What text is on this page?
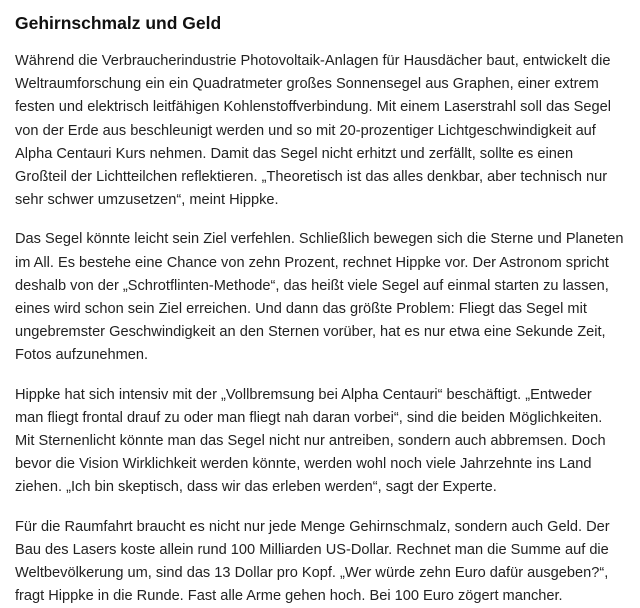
Gehirnschmalz und Geld

Während die Verbraucherindustrie Photovoltaik-Anlagen für Hausdächer baut, entwickelt die Weltraumforschung ein ein Quadratmeter großes Sonnensegel aus Graphen, einer extrem festen und elektrisch leitfähigen Kohlenstoffverbindung. Mit einem Laserstrahl soll das Segel von der Erde aus beschleunigt werden und so mit 20-prozentiger Lichtgeschwindigkeit auf Alpha Centauri Kurs nehmen. Damit das Segel nicht erhitzt und zerfällt, sollte es einen Großteil der Lichtteilchen reflektieren. „Theoretisch ist das alles denkbar, aber technisch nur sehr schwer umzusetzen“, meint Hippke.

Das Segel könnte leicht sein Ziel verfehlen. Schließlich bewegen sich die Sterne und Planeten im All. Es bestehe eine Chance von zehn Prozent, rechnet Hippke vor. Der Astronom spricht deshalb von der „Schrotflinten-Methode“, das heißt viele Segel auf einmal starten zu lassen, eines wird schon sein Ziel erreichen. Und dann das größte Problem: Fliegt das Segel mit ungebremster Geschwindigkeit an den Sternen vorüber, hat es nur etwa eine Sekunde Zeit, Fotos aufzunehmen.

Hippke hat sich intensiv mit der „Vollbremsung bei Alpha Centauri“ beschäftigt. „Entweder man fliegt frontal drauf zu oder man fliegt nah daran vorbei“, sind die beiden Möglichkeiten. Mit Sternenlicht könnte man das Segel nicht nur antreiben, sondern auch abbremsen. Doch bevor die Vision Wirklichkeit werden könnte, werden wohl noch viele Jahrzehnte ins Land ziehen. „Ich bin skeptisch, dass wir das erleben werden“, sagt der Experte.

Für die Raumfahrt braucht es nicht nur jede Menge Gehirnschmalz, sondern auch Geld. Der Bau des Lasers koste allein rund 100 Milliarden US-Dollar. Rechnet man die Summe auf die Weltbevölkerung um, sind das 13 Dollar pro Kopf. „Wer würde zehn Euro dafür ausgeben?“, fragt Hippke in die Runde. Fast alle Arme gehen hoch. Bei 100 Euro zögert mancher.
